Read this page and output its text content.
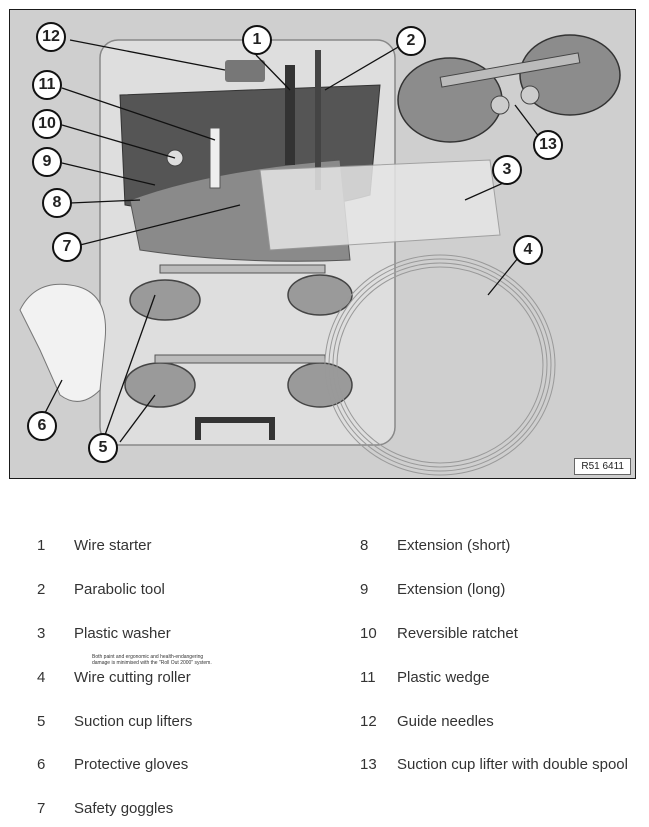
12	1	2
11
10
9
8
7
3
4
13
6
5
R51 6411
1	Wire starter
2	Parabolic tool
3	Plastic washer
4	Wire cutting roller
5	Suction cup lifters
6	Protective gloves
7	Safety goggles
8	Extension (short)
9	Extension (long)
10	Reversible ratchet
11	Plastic wedge
12	Guide needles
13	Suction cup lifter with double spool
Both paint and ergonomic and health-endangering damage is minimised with the "Roll Out 2000" system.
